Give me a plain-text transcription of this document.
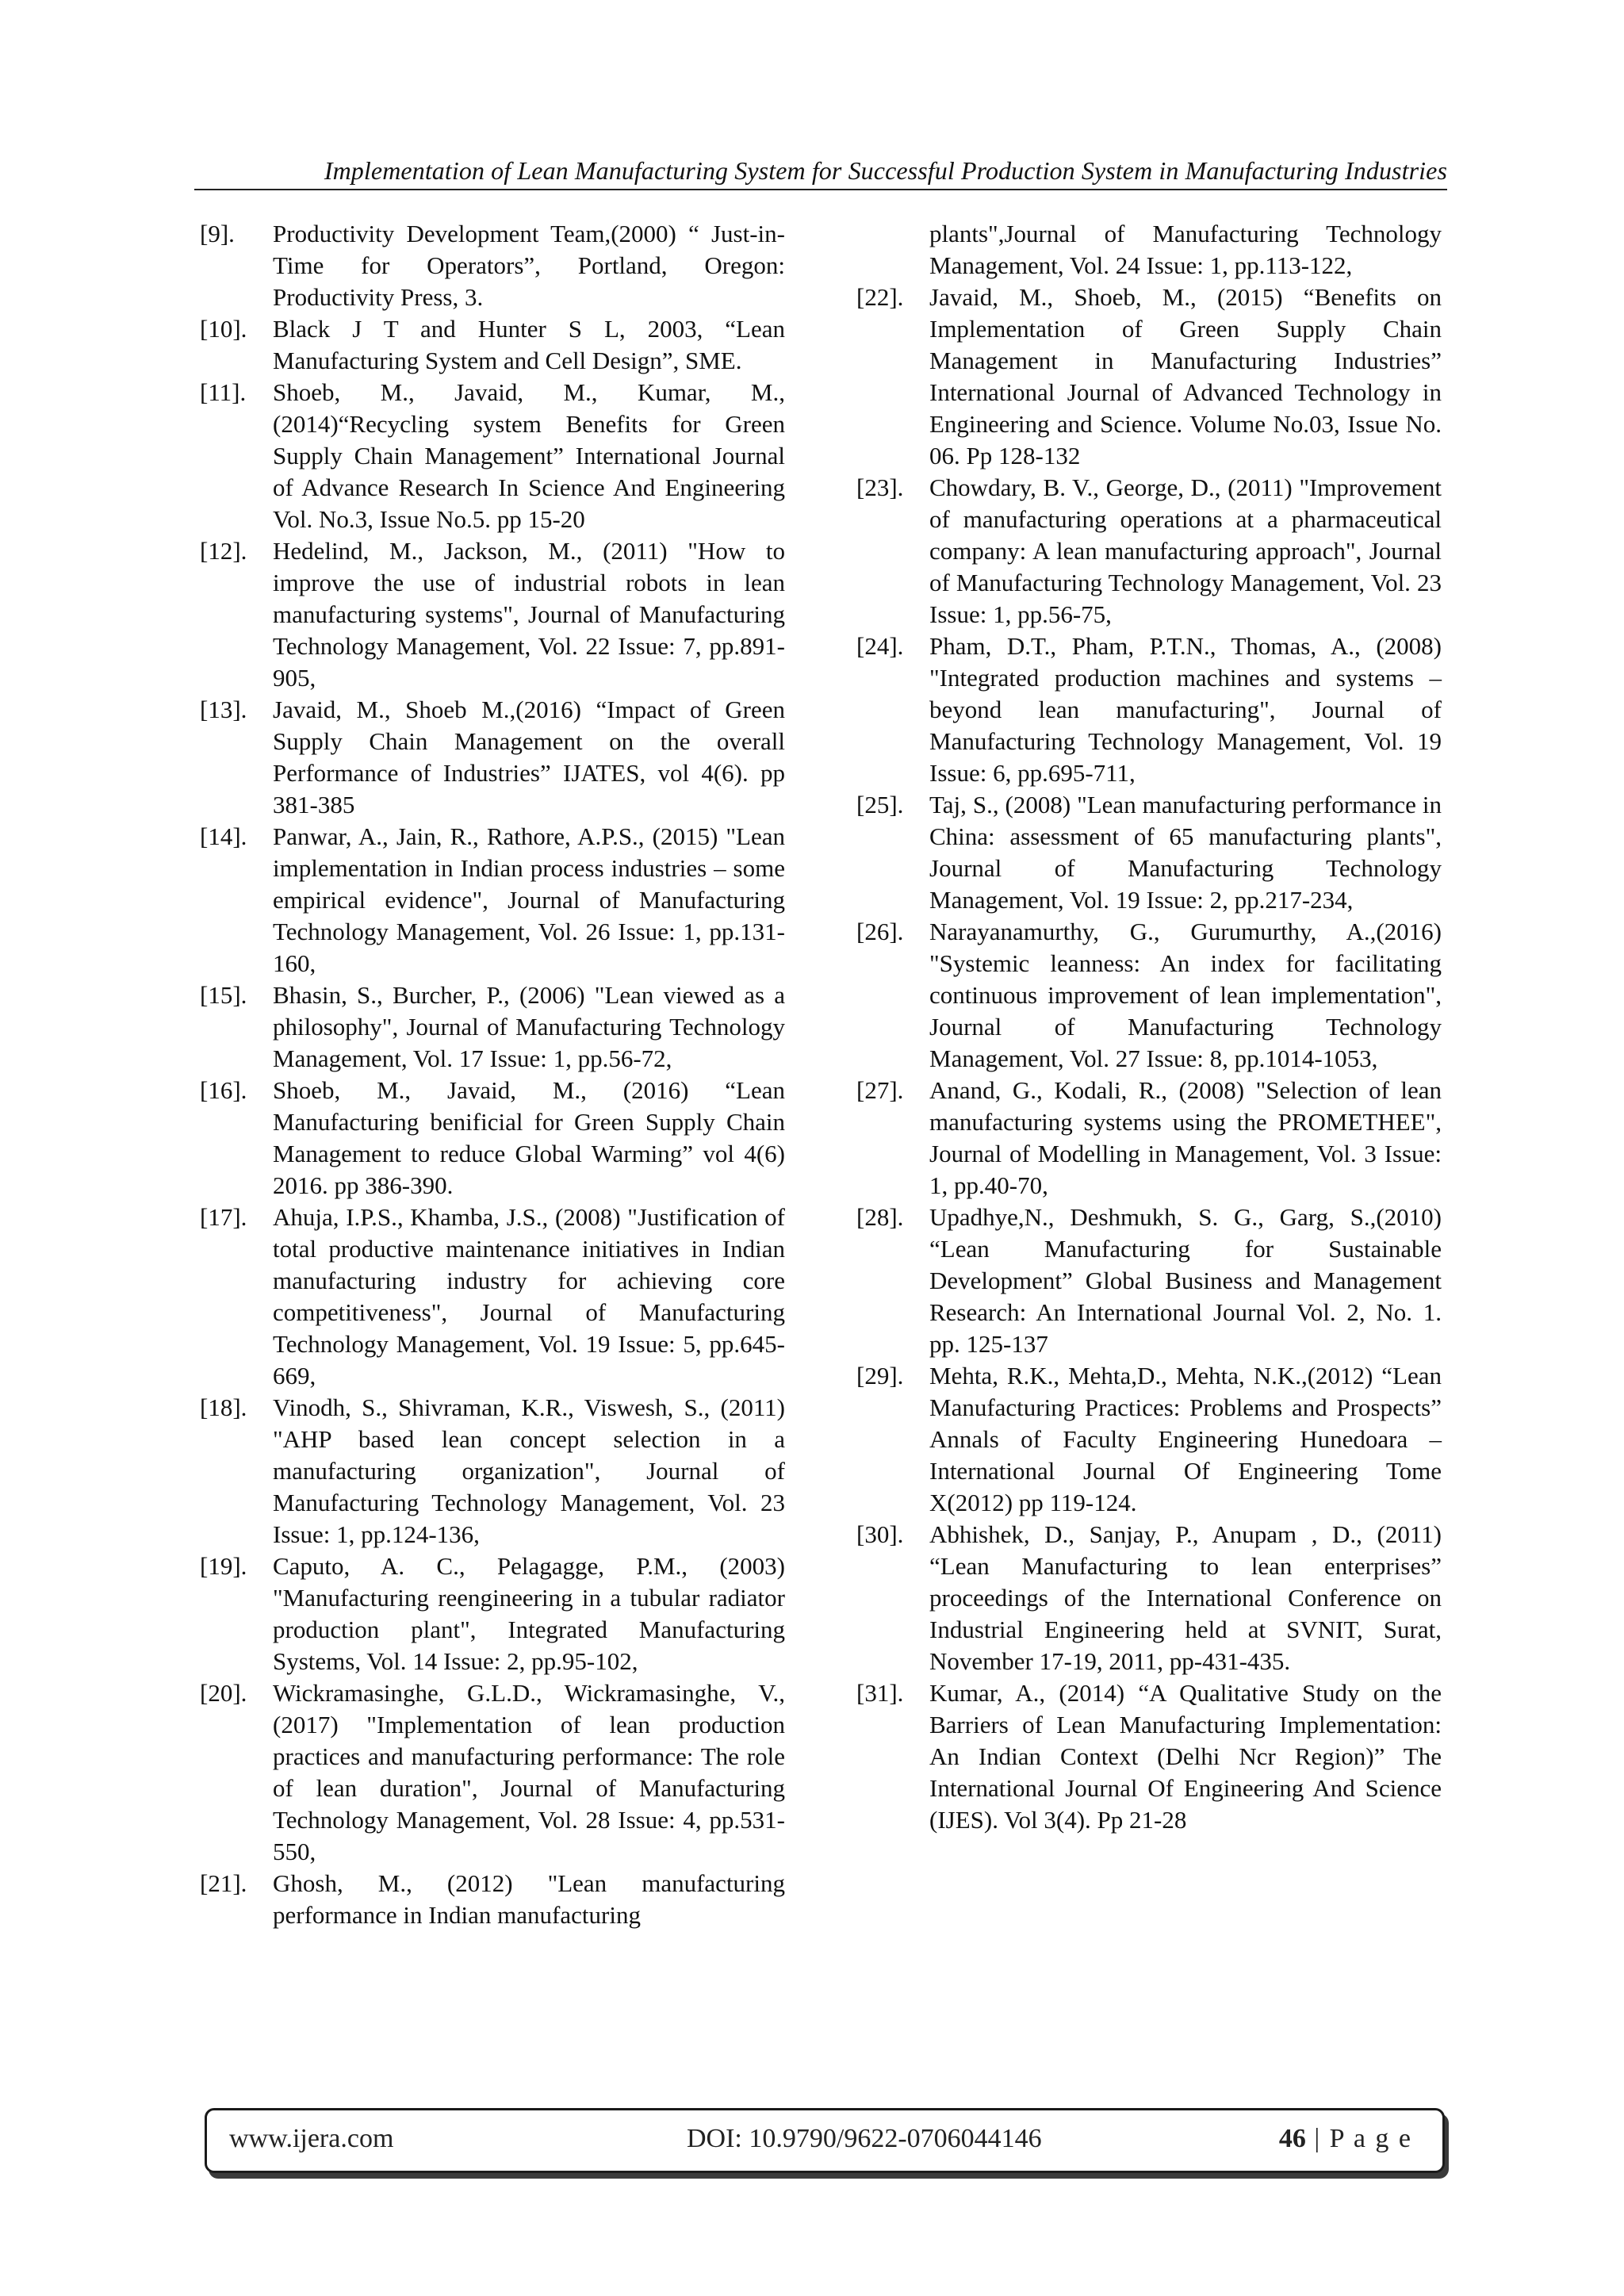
Implementation of Lean Manufacturing System for Successful Production System in Manufacturing Industries
[9].	Productivity Development Team,(2000) “ Just-in-Time for Operators”, Portland, Oregon: Productivity Press, 3.
[10].	Black J T and Hunter S L, 2003, “Lean Manufacturing System and Cell Design”, SME.
[11].	Shoeb, M., Javaid, M., Kumar, M., (2014)“Recycling system Benefits for Green Supply Chain Management” International Journal of Advance Research In Science And Engineering Vol. No.3, Issue No.5. pp 15-20
[12].	Hedelind, M., Jackson, M., (2011) "How to improve the use of industrial robots in lean manufacturing systems", Journal of Manufacturing Technology Management, Vol. 22 Issue: 7, pp.891-905,
[13].	Javaid, M., Shoeb M.,(2016) “Impact of Green Supply Chain Management on the overall Performance of Industries” IJATES, vol 4(6). pp 381-385
[14].	Panwar, A., Jain, R., Rathore, A.P.S., (2015) "Lean implementation in Indian process industries – some empirical evidence", Journal of Manufacturing Technology Management, Vol. 26 Issue: 1, pp.131-160,
[15].	Bhasin, S., Burcher, P., (2006) "Lean viewed as a philosophy", Journal of Manufacturing Technology Management, Vol. 17 Issue: 1, pp.56-72,
[16].	Shoeb, M., Javaid, M., (2016) “Lean Manufacturing benificial for Green Supply Chain Management to reduce Global Warming” vol 4(6) 2016. pp 386-390.
[17].	Ahuja, I.P.S., Khamba, J.S., (2008) "Justification of total productive maintenance initiatives in Indian manufacturing industry for achieving core competitiveness", Journal of Manufacturing Technology Management, Vol. 19 Issue: 5, pp.645-669,
[18].	Vinodh, S., Shivraman, K.R., Viswesh, S., (2011) "AHP based lean concept selection in a manufacturing organization", Journal of Manufacturing Technology Management, Vol. 23 Issue: 1, pp.124-136,
[19].	Caputo, A. C., Pelagagge, P.M., (2003) "Manufacturing reengineering in a tubular radiator production plant", Integrated Manufacturing Systems, Vol. 14 Issue: 2, pp.95-102,
[20].	Wickramasinghe, G.L.D., Wickramasinghe, V., (2017) "Implementation of lean production practices and manufacturing performance: The role of lean duration", Journal of Manufacturing Technology Management, Vol. 28 Issue: 4, pp.531-550,
[21].	Ghosh, M., (2012) "Lean manufacturing performance in Indian manufacturing
plants",Journal of Manufacturing Technology Management, Vol. 24 Issue: 1, pp.113-122,
[22].	Javaid, M., Shoeb, M., (2015) “Benefits on Implementation of Green Supply Chain Management in Manufacturing Industries” International Journal of Advanced Technology in Engineering and Science. Volume No.03, Issue No. 06. Pp 128-132
[23].	Chowdary, B. V., George, D., (2011) "Improvement of manufacturing operations at a pharmaceutical company: A lean manufacturing approach", Journal of Manufacturing Technology Management, Vol. 23 Issue: 1, pp.56-75,
[24].	Pham, D.T., Pham, P.T.N., Thomas, A., (2008) "Integrated production machines and systems – beyond lean manufacturing", Journal of Manufacturing Technology Management, Vol. 19 Issue: 6, pp.695-711,
[25].	Taj, S., (2008) "Lean manufacturing performance in China: assessment of 65 manufacturing plants", Journal of Manufacturing Technology Management, Vol. 19 Issue: 2, pp.217-234,
[26].	Narayanamurthy, G., Gurumurthy, A.,(2016) "Systemic leanness: An index for facilitating continuous improvement of lean implementation", Journal of Manufacturing Technology Management, Vol. 27 Issue: 8, pp.1014-1053,
[27].	Anand, G., Kodali, R., (2008) "Selection of lean manufacturing systems using the PROMETHEE", Journal of Modelling in Management, Vol. 3 Issue: 1, pp.40-70,
[28].	Upadhye,N., Deshmukh, S. G., Garg, S.,(2010) “Lean Manufacturing for Sustainable Development” Global Business and Management Research: An International Journal Vol. 2, No. 1. pp. 125-137
[29].	Mehta, R.K., Mehta,D., Mehta, N.K.,(2012) “Lean Manufacturing Practices: Problems and Prospects” Annals of Faculty Engineering Hunedoara – International Journal Of Engineering Tome X(2012) pp 119-124.
[30].	Abhishek, D., Sanjay, P., Anupam , D., (2011) “Lean Manufacturing to lean enterprises” proceedings of the International Conference on Industrial Engineering held at SVNIT, Surat, November 17-19, 2011, pp-431-435.
[31].	Kumar, A., (2014) “A Qualitative Study on the Barriers of Lean Manufacturing Implementation: An Indian Context (Delhi Ncr Region)” The International Journal Of Engineering And Science (IJES). Vol 3(4). Pp 21-28
www.ijera.com	DOI: 10.9790/9622-0706044146	46 | P a g e
